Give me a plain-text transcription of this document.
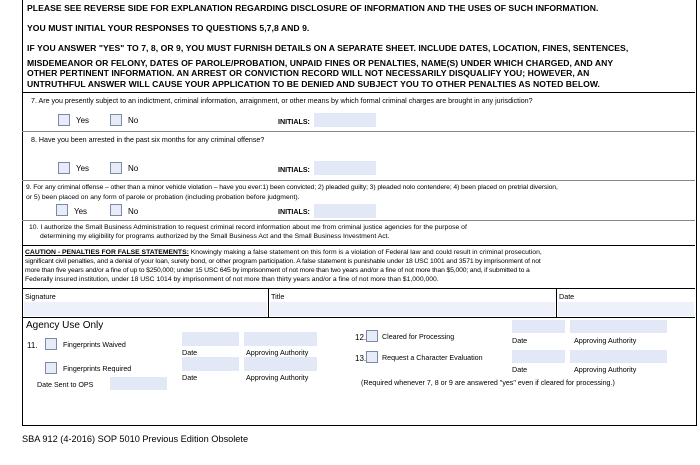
PLEASE SEE REVERSE SIDE FOR EXPLANATION REGARDING DISCLOSURE OF INFORMATION AND THE USES OF SUCH INFORMATION.
YOU MUST INITIAL YOUR RESPONSES TO QUESTIONS 5,7,8 AND 9.
IF YOU ANSWER "YES" TO 7, 8, OR 9, YOU MUST FURNISH DETAILS ON A SEPARATE SHEET. INCLUDE DATES, LOCATION, FINES, SENTENCES,
MISDEMEANOR OR FELONY, DATES OF PAROLE/PROBATION, UNPAID FINES OR PENALTIES, NAME(S) UNDER WHICH CHARGED, AND ANY
OTHER PERTINENT INFORMATION. AN ARREST OR CONVICTION RECORD WILL NOT NECESSARILY DISQUALIFY YOU; HOWEVER, AN
UNTRUTHFUL ANSWER WILL CAUSE YOUR APPLICATION TO BE DENIED AND SUBJECT YOU TO OTHER PENALTIES AS NOTED BELOW.
7. Are you presently subject to an indictment, criminal information, arraignment, or other means by which formal criminal charges are brought in any jurisdiction?
Yes	No	INITIALS:
8. Have you been arrested in the past six months for any criminal offense?
Yes	No	INITIALS:
9. For any criminal offense – other than a minor vehicle violation – have you ever:1) been convicted; 2) pleaded guilty; 3) pleaded nolo contendere; 4) been placed on pretrial diversion,
or 5) been placed on any form of parole or probation (including probation before judgment).
Yes	No	INITIALS:
10. I authorize the Small Business Administration to request criminal record information about me from criminal justice agencies for the purpose of
determining my eligibility for programs authorized by the Small Business Act and the Small Business Investment Act.
CAUTION - PENALTIES FOR FALSE STATEMENTS: Knowingly making a false statement on this form is a violation of Federal law and could result in criminal prosecution,
significant civil penalties, and a denial of your loan, surety bond, or other program participation. A false statement is punishable under 18 USC 1001 and 3571 by imprisonment of not
more than five years and/or a fine of up to $250,000; under 15 USC 645 by imprisonment of not more than two years and/or a fine of not more than $5,000; and, if submitted to a
Federally insured institution, under 18 USC 1014 by imprisonment of not more than thirty years and/or a fine of not more than $1,000,000.
Signature	Title	Date
Agency Use Only
11.	Fingerprints Waived
Date	Approving Authority
Fingerprints Required
Date	Approving Authority
Date Sent to OPS
12. Cleared for Processing	Date	Approving Authority
13. Request a Character Evaluation
Date	Approving Authority
(Required whenever 7, 8 or 9 are answered "yes" even if cleared for processing.)
SBA 912 (4-2016) SOP 5010 Previous Edition Obsolete
